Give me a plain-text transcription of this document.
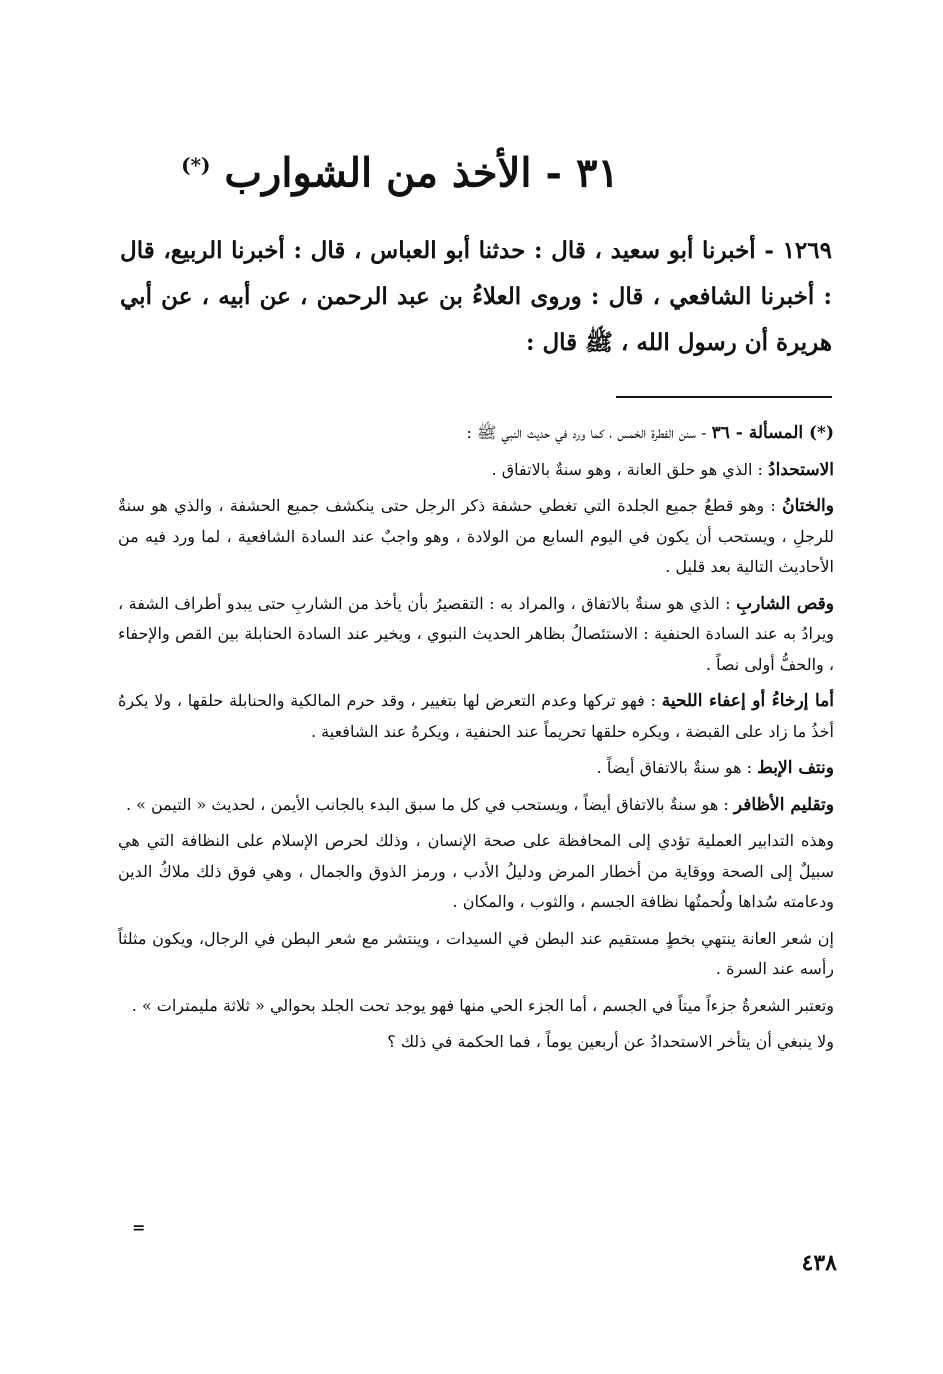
٣١ - الأخذ من الشوارب (*)

١٢٦٩ - أخبرنا أبو سعيد ، قال : حدثنا أبو العباس ، قال : أخبرنا الربيع، قال : أخبرنا الشافعي ، قال : وروى العلاءُ بن عبد الرحمن ، عن أبيه ، عن أبي هريرة أن رسول الله ، ﷺ قال :

(*) المسألة - ٣٦ - سنن الفطرة الخمس ، كما ورد في حديث النبي ﷺ :

الاستحدادُ : الذي هو حلق العانة ، وهو سنةٌ بالاتفاق .

والختانُ : وهو قطعُ جميع الجلدة التي تغطي حشفة ذكر الرجل حتى ينكشف جميع الحشفة ، والذي هو سنةٌ للرجلِ ، ويستحب أن يكون في اليوم السابع من الولادة ، وهو واجبٌ عند السادة الشافعية ، لما ورد فيه من الأحاديث التالية بعد قليل .

وقص الشاربِ : الذي هو سنةٌ بالاتفاق ، والمراد به : التقصيرُ بأن يأخذ من الشاربِ حتى يبدو أطراف الشفة ، ويرادُ به عند السادة الحنفية : الاستئصالُ بظاهر الحديث النبوي ، ويخير عند السادة الحنابلة بين القص والإحفاء ، والحفُّ أولى نصاً .

أما إرخاءُ أو إعفاء اللحية : فهو تركها وعدم التعرض لها بتغيير ، وقد حرم المالكية والحنابلة حلقها ، ولا يكرهُ أخذُ ما زاد على القبضة ، ويكره حلقها تحريماً عند الحنفية ، ويكرهُ عند الشافعية .

ونتف الإبط : هو سنةٌ بالاتفاق أيضاً .

وتقليم الأظافر : هو سنةٌ بالاتفاق أيضاً ، ويستحب في كل ما سبق البدء بالجانب الأيمن ، لحديث « التيمن » .

وهذه التدابير العملية تؤدي إلى المحافظة على صحة الإنسان ، وذلك لحرص الإسلام على النظافة التي هي سبيلٌ إلى الصحة ووقاية من أخطار المرض ودليلُ الأدب ، ورمز الذوق والجمال ، وهي فوق ذلك ملاكُ الدين ودعامته سُداها ولُحمتُها نظافة الجسم ، والثوب ، والمكان .

إن شعر العانة ينتهي بخطٍ مستقيم عند البطن في السيدات ، وينتشر مع شعر البطن في الرجال، ويكون مثلثاً رأسه عند السرة .

وتعتبر الشعرةُ جزءاً ميتاً في الجسم ، أما الجزء الحي منها فهو يوجد تحت الجلد بحوالي « ثلاثة مليمترات » .

ولا ينبغي أن يتأخر الاستحدادُ عن أربعين يوماً ، فما الحكمة في ذلك ؟

=
٤٣٨
